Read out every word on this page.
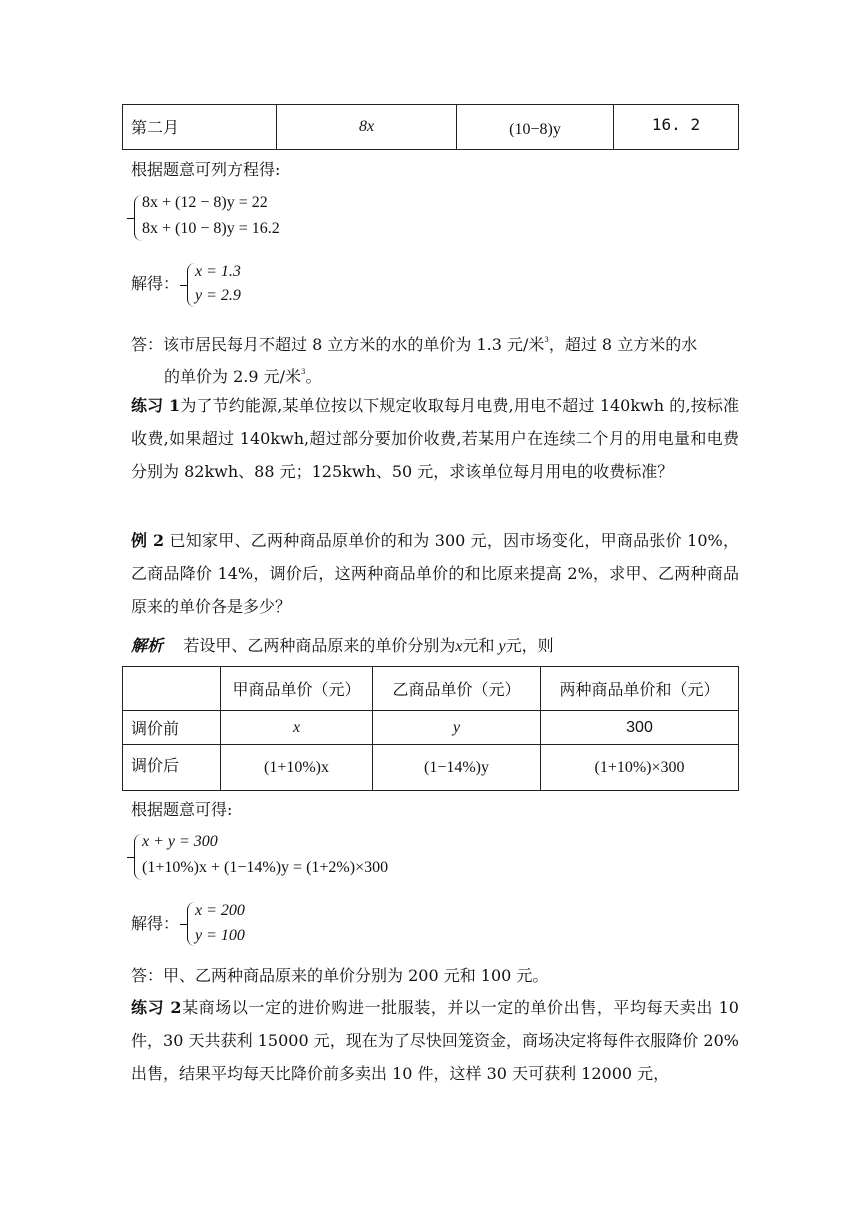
第二月	8x	(10−8)y	16. 2
根据题意可列方程得:
8x + (12 − 8)y = 22
8x + (10 − 8)y = 16.2
解得：
x = 1.3
y = 2.9
答：该市居民每月不超过 8 立方米的水的单价为 1.3 元/米$^3$，超过 8 立方米的水
的单价为 2.9 元/米$^3$。
练习 1为了节约能源,某单位按以下规定收取每月电费,用电不超过 140kwh 的,按标准收费,如果超过 140kwh,超过部分要加价收费,若某用户在连续二个月的用电量和电费分别为 82kwh、88 元；125kwh、50 元，求该单位每月用电的收费标准？
例 2 已知家甲、乙两种商品原单价的和为 300 元，因市场变化，甲商品张价 10%，乙商品降价 14%，调价后，这两种商品单价的和比原来提高 2%，求甲、乙两种商品原来的单价各是多少？
解析 若设甲、乙两种商品原来的单价分别为x元和 y元，则
	甲商品单价（元）	乙商品单价（元）	两种商品单价和（元）
调价前	x	y	300
调价后	(1+10%)x	(1−14%)y	(1+10%)×300
根据题意可得:
x + y = 300
(1+10%)x + (1−14%)y = (1+2%)×300
解得：
x = 200
y = 100
答：甲、乙两种商品原来的单价分别为 200 元和 100 元。
练习 2某商场以一定的进价购进一批服装，并以一定的单价出售，平均每天卖出 10 件，30 天共获利 15000 元，现在为了尽快回笼资金，商场决定将每件衣服降价 20%出售，结果平均每天比降价前多卖出 10 件，这样 30 天可获利 12000 元，
